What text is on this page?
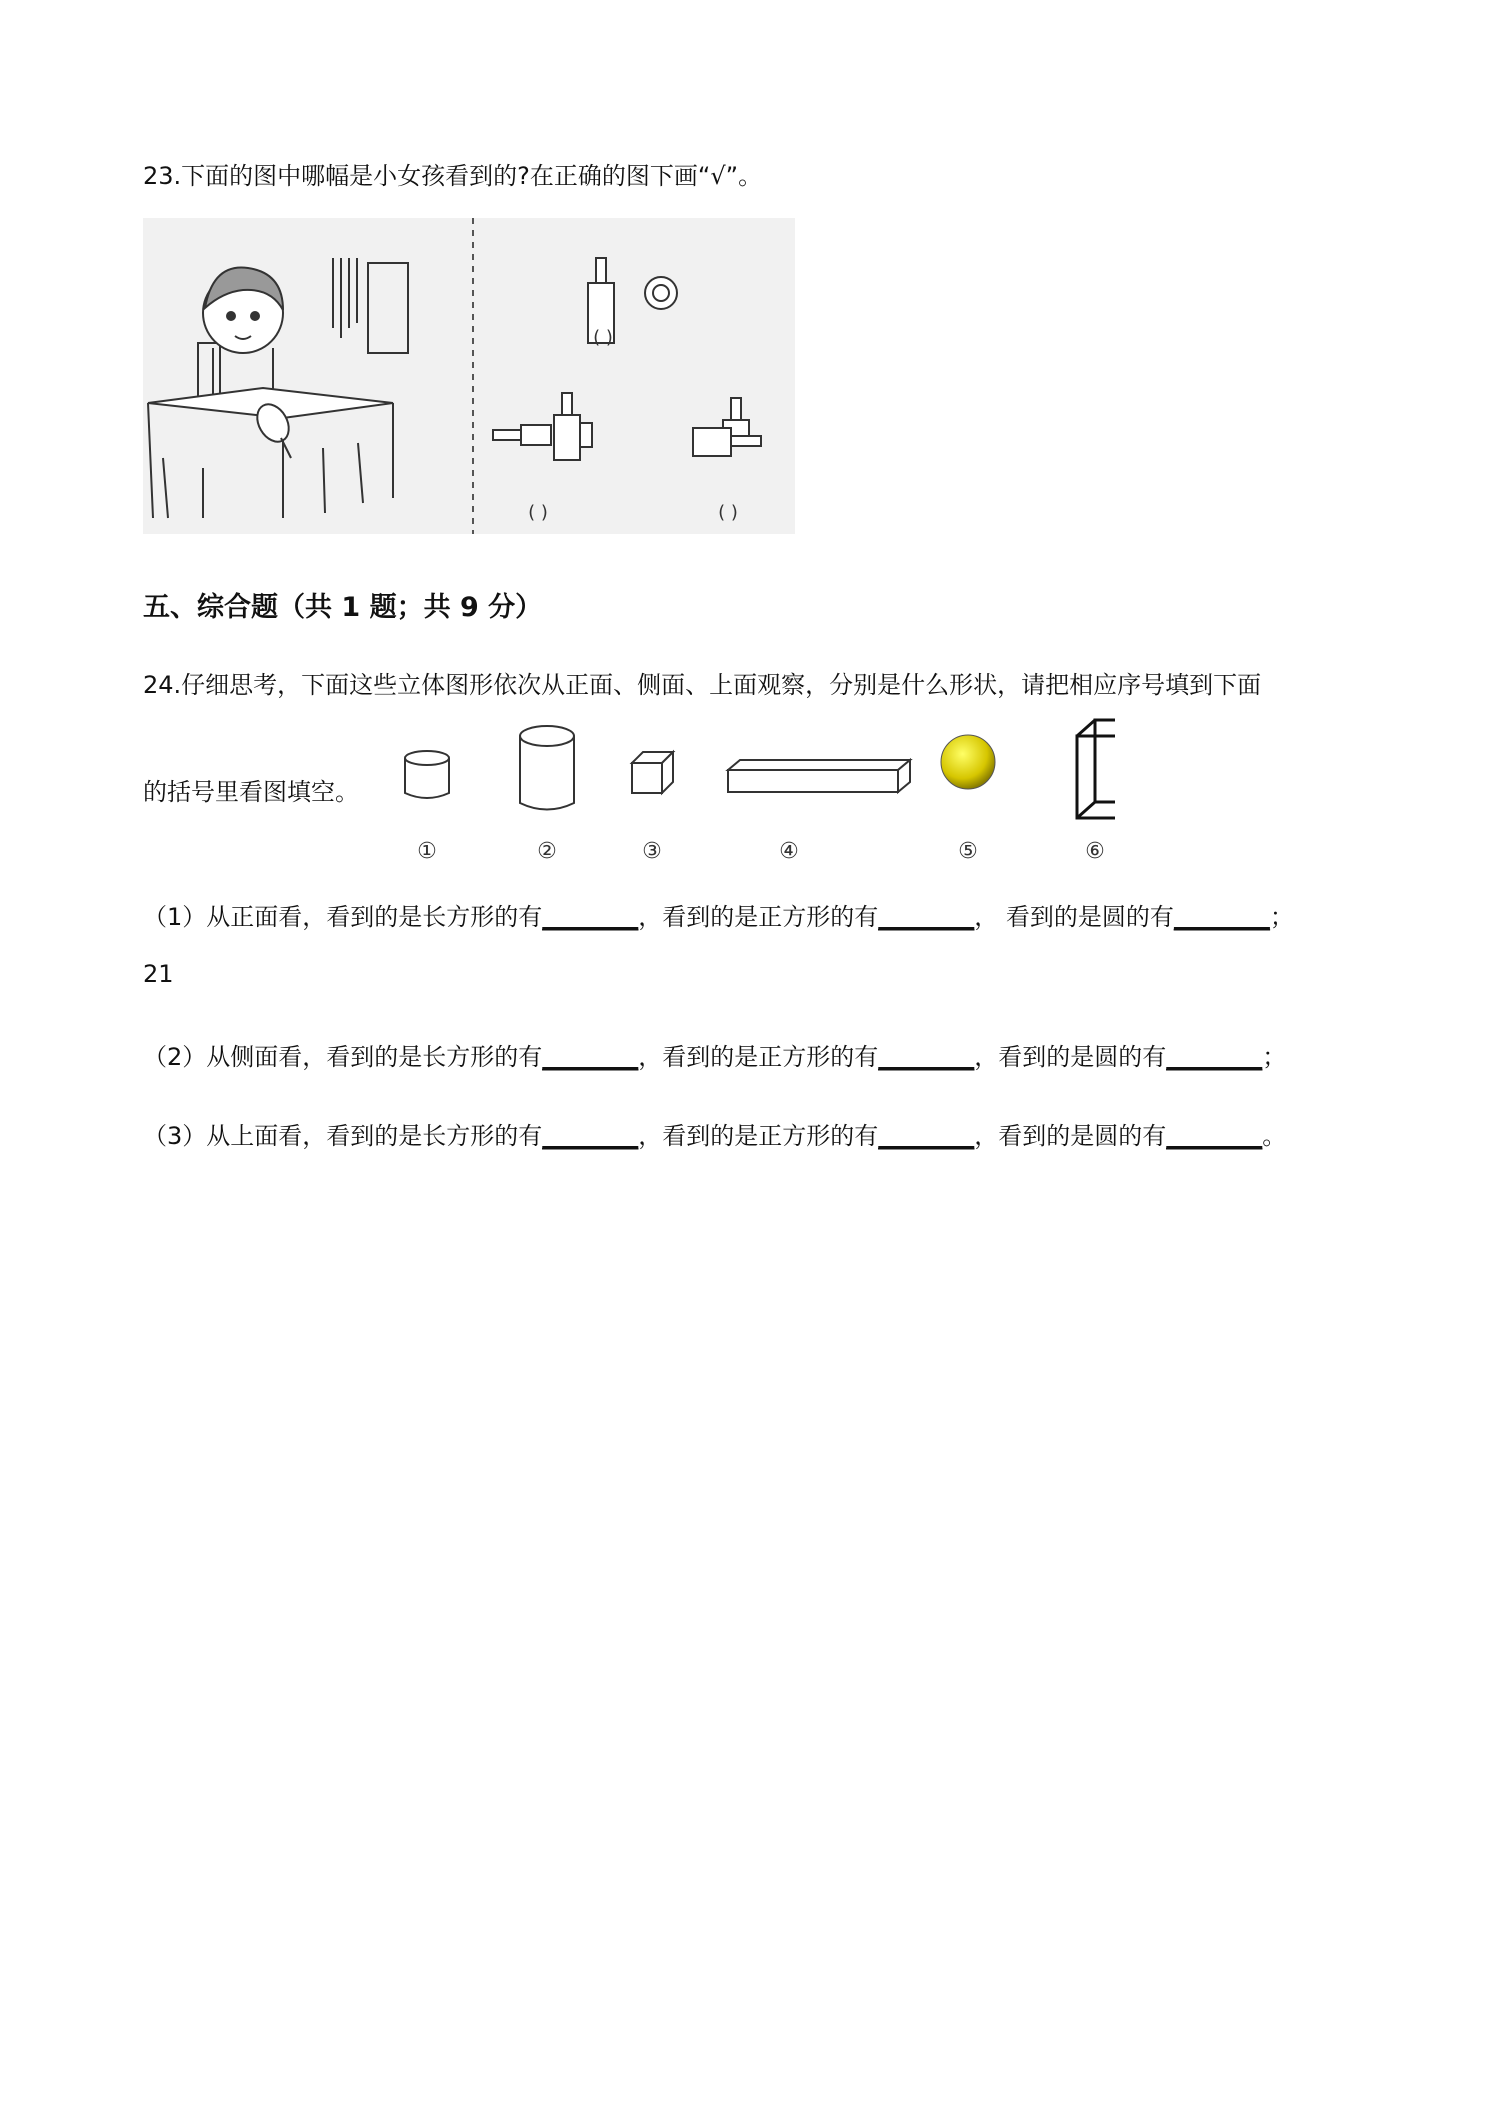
23.下面的图中哪幅是小女孩看到的?在正确的图下画“√”。
( )
( )	( )
五、综合题（共 1 题；共 9 分）
24.仔细思考，下面这些立体图形依次从正面、侧面、上面观察，分别是什么形状，请把相应序号填到下面
的括号里看图填空。
①	②	③	④	⑤	⑥
（1）从正面看，看到的是长方形的有________，看到的是正方形的有________， 看到的是圆的有________；
21
（2）从侧面看，看到的是长方形的有________，看到的是正方形的有________，看到的是圆的有________；
（3）从上面看，看到的是长方形的有________，看到的是正方形的有________，看到的是圆的有________。
